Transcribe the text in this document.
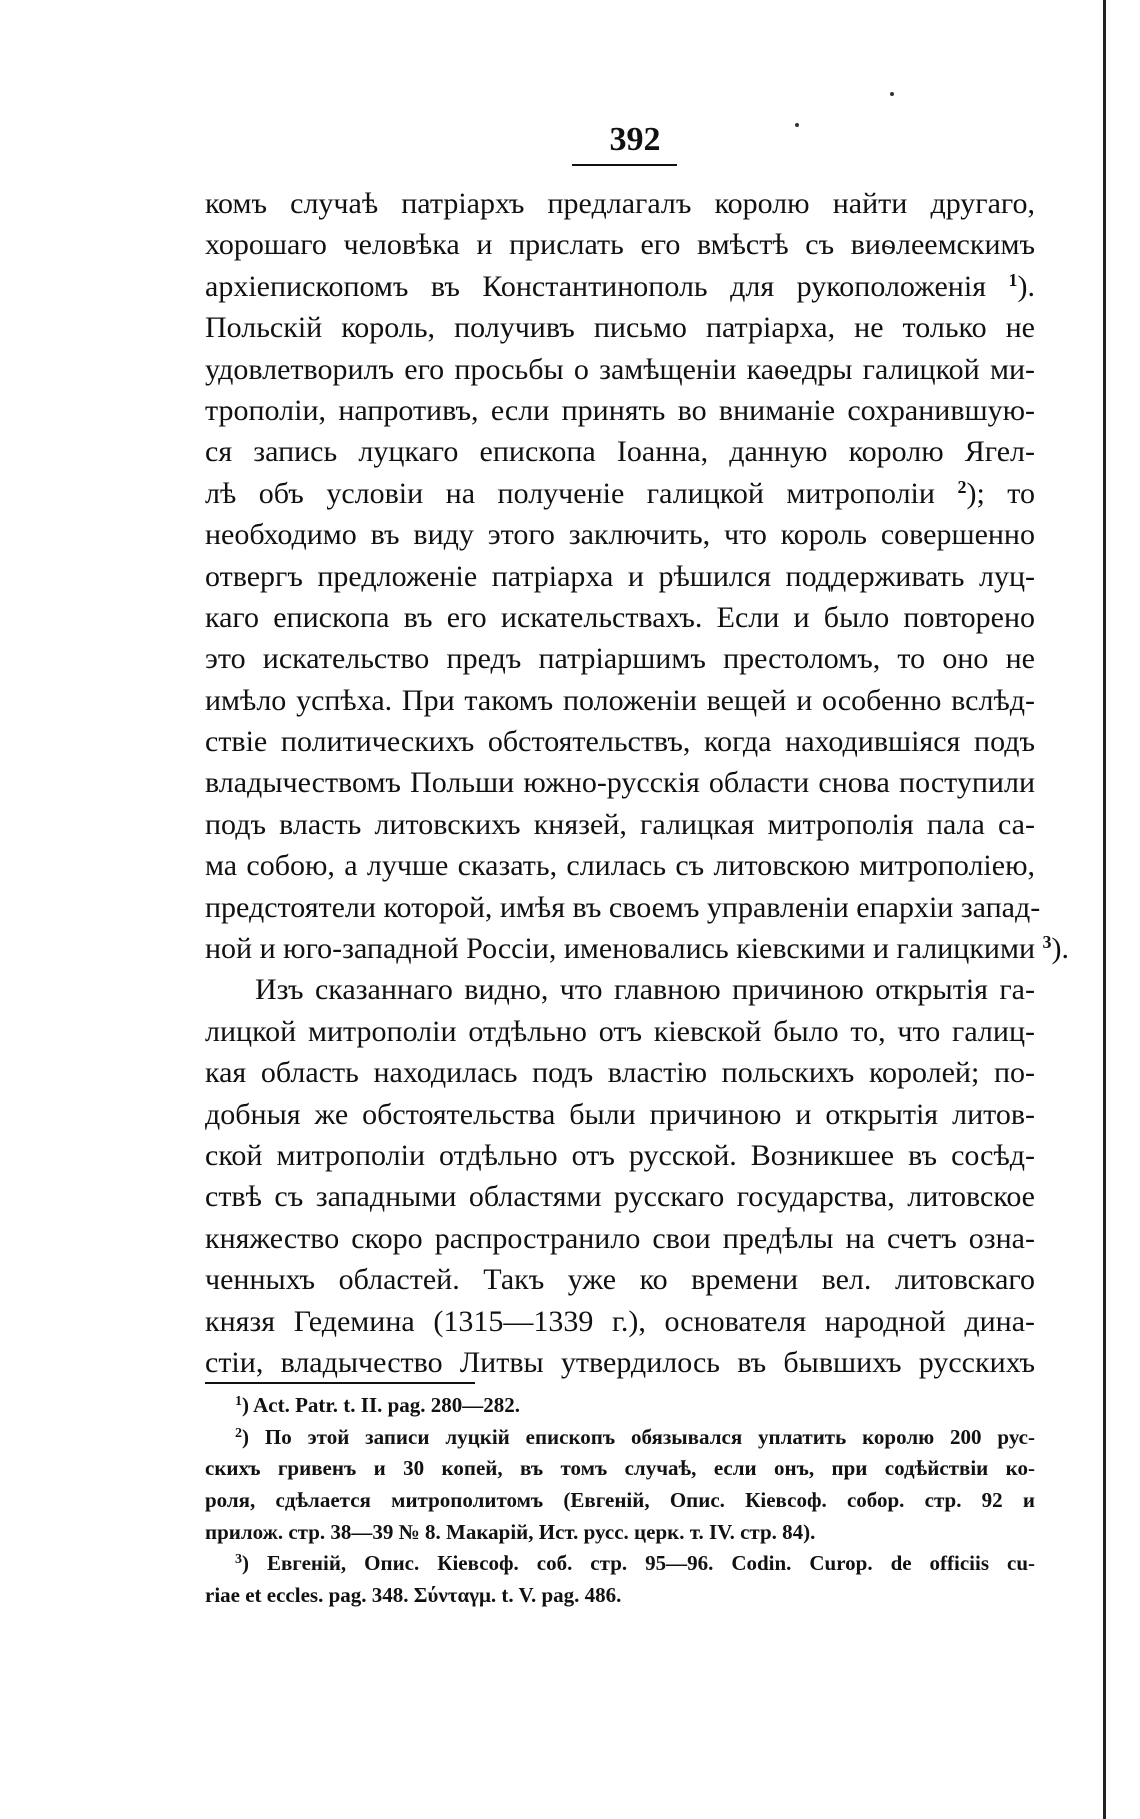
392
комъ случаѣ патріархъ предлагалъ королю найти другаго,
хорошаго человѣка и прислать его вмѣстѣ съ виѳлеемскимъ
архіепископомъ въ Константинополь для рукоположенія $^1$).
Польскій король, получивъ письмо патріарха, не только не
удовлетворилъ его просьбы о замѣщеніи каѳедры галицкой ми-
трополіи, напротивъ, если принять во вниманіе сохранившую-
ся запись луцкаго епископа Іоанна, данную королю Ягел-
лѣ объ условіи на полученіе галицкой митрополіи $^2$); то
необходимо въ виду этого заключить, что король совершенно
отвергъ предложеніе патріарха и рѣшился поддерживать луц-
каго епископа въ его искательствахъ. Если и было повторено
это искательство предъ патріаршимъ престоломъ, то оно не
имѣло успѣха. При такомъ положеніи вещей и особенно вслѣд-
ствіе политическихъ обстоятельствъ, когда находившіяся подъ
владычествомъ Польши южно-русскія области снова поступили
подъ власть литовскихъ князей, галицкая митрополія пала са-
ма собою, а лучше сказать, слилась съ литовскою митрополіею,
предстоятели которой, имѣя въ своемъ управленіи епархіи запад-
ной и юго-западной Россіи, именовались кіевскими и галицкими $^3$).
Изъ сказаннаго видно, что главною причиною открытія га-
лицкой митрополіи отдѣльно отъ кіевской было то, что галиц-
кая область находилась подъ властію польскихъ королей; по-
добныя же обстоятельства были причиною и открытія литов-
ской митрополіи отдѣльно отъ русской. Возникшее въ сосѣд-
ствѣ съ западными областями русскаго государства, литовское
княжество скоро распространило свои предѣлы на счетъ озна-
ченныхъ областей. Такъ уже ко времени вел. литовскаго
князя Гедемина (1315—1339 г.), основателя народной дина-
стіи, владычество Литвы утвердилось въ бывшихъ русскихъ
$^1$) Act. Patr. t. II. pag. 280—282.
$^2$) По этой записи луцкій епископъ обязывался уплатить королю 200 рус-
скихъ гривенъ и 30 копей, въ томъ случаѣ, если онъ, при содѣйствіи ко-
роля, сдѣлается митрополитомъ (Евгеній, Опис. Кіевсоф. собор. стр. 92 и
прилож. стр. 38—39 № 8. Макарій, Ист. русс. церк. т. IV. стр. 84).
$^3$) Евгеній, Опис. Кіевсоф. соб. стр. 95—96. Codin. Curop. de officiis cu-
riae et eccles. pag. 348. Σύνταγμ. t. V. pag. 486.
